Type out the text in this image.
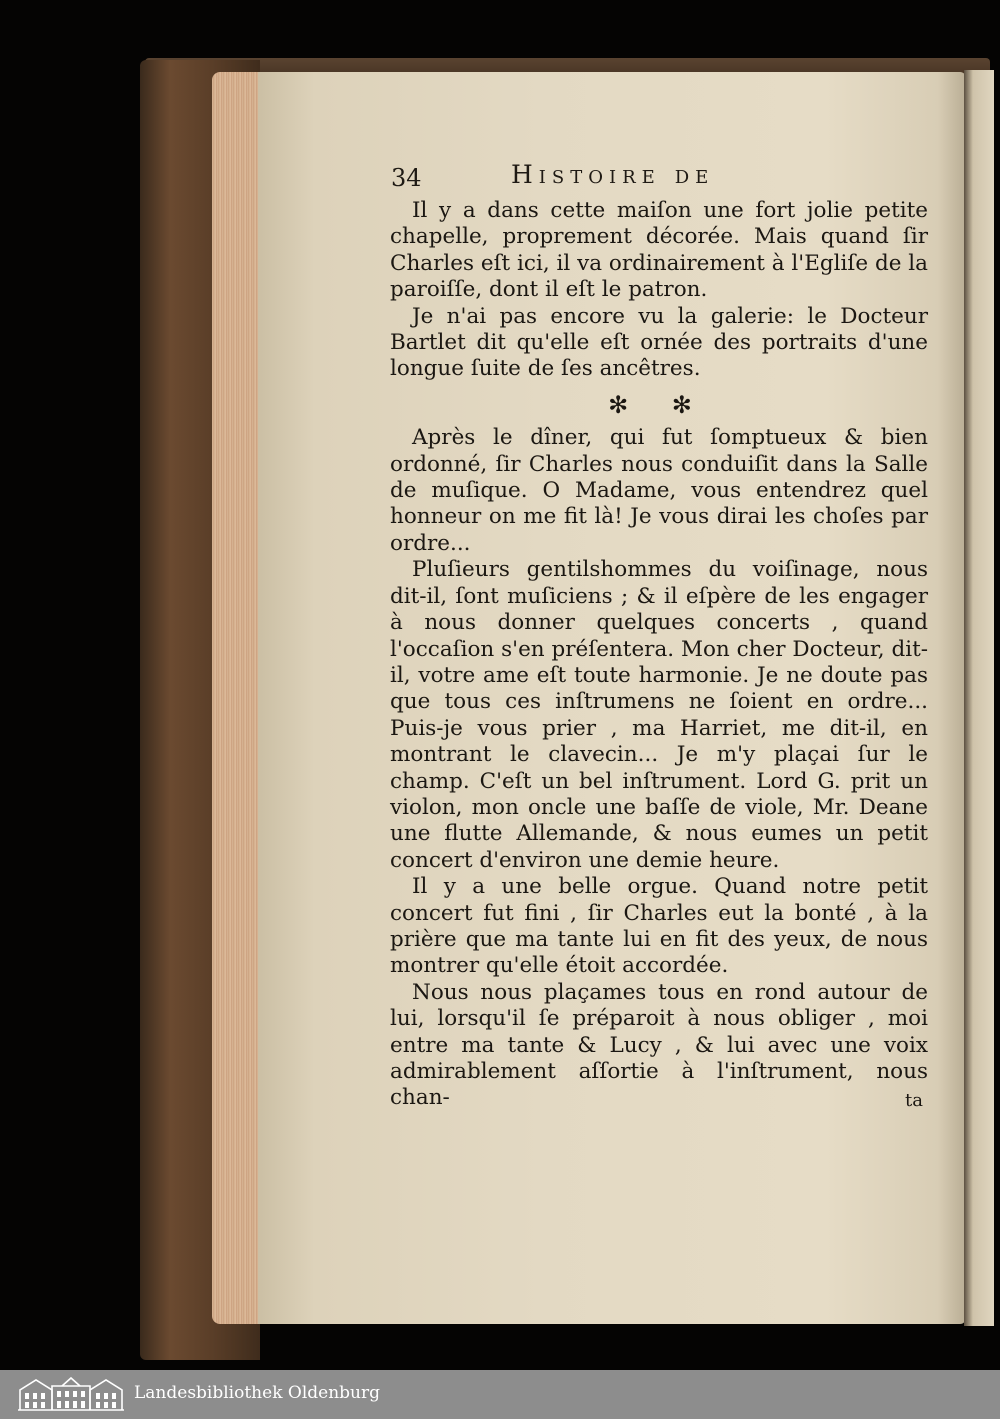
34	Histoire de

Il y a dans cette maiſon une fort jolie petite chapelle, proprement décorée. Mais quand ſir Charles eſt ici, il va ordinairement à l'Egliſe de la paroiſſe, dont il eſt le patron.

Je n'ai pas encore vu la galerie: le Docteur Bartlet dit qu'elle eſt ornée des portraits d'une longue ſuite de ſes ancêtres.

✻ ✻

Après le dîner, qui fut ſomptueux & bien ordonné, ſir Charles nous conduiſit dans la Salle de muſique. O Madame, vous entendrez quel honneur on me fit là! Je vous dirai les choſes par ordre...

Pluſieurs gentilshommes du voiſinage, nous dit-il, ſont muſiciens ; & il eſpère de les engager à nous donner quelques concerts , quand l'occaſion s'en préſentera. Mon cher Docteur, dit-il, votre ame eſt toute harmonie. Je ne doute pas que tous ces inſtrumens ne ſoient en ordre... Puis-je vous prier , ma Harriet, me dit-il, en montrant le clavecin... Je m'y plaçai ſur le champ. C'eſt un bel inſtrument. Lord G. prit un violon, mon oncle une baſſe de viole, Mr. Deane une flutte Allemande, & nous eumes un petit concert d'environ une demie heure.

Il y a une belle orgue. Quand notre petit concert fut fini , ſir Charles eut la bonté , à la prière que ma tante lui en fit des yeux, de nous montrer qu'elle étoit accordée.

Nous nous plaçames tous en rond autour de lui, lorsqu'il ſe préparoit à nous obliger , moi entre ma tante & Lucy , & lui avec une voix admirablement aſſortie à l'inſtrument, nous chan-	ta
Landesbibliothek Oldenburg
